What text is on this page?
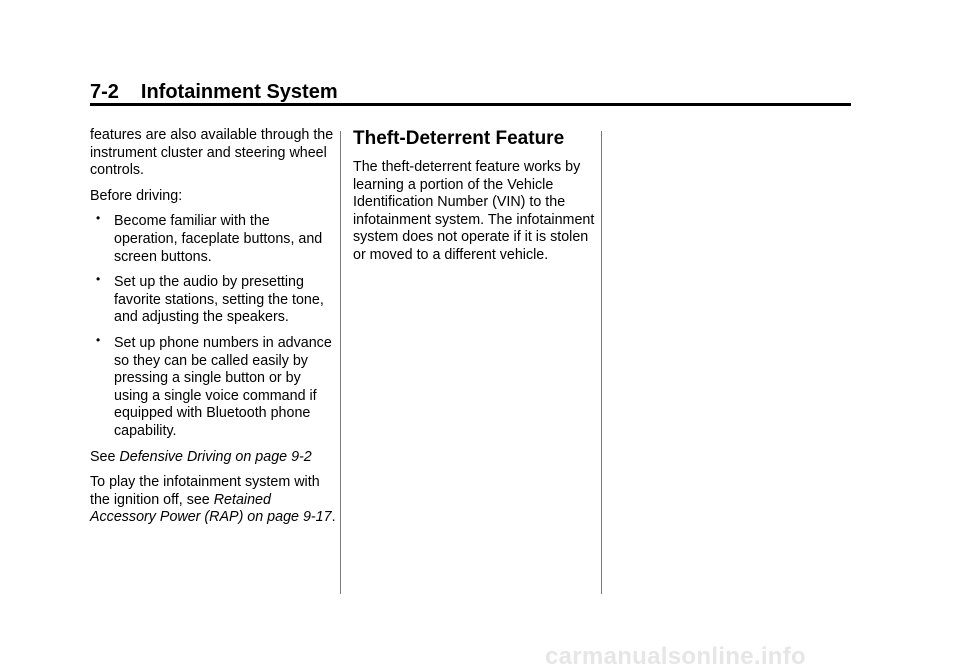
7-2 Infotainment System

features are also available through the instrument cluster and steering wheel controls.

Before driving:

• Become familiar with the operation, faceplate buttons, and screen buttons.
• Set up the audio by presetting favorite stations, setting the tone, and adjusting the speakers.
• Set up phone numbers in advance so they can be called easily by pressing a single button or by using a single voice command if equipped with Bluetooth phone capability.

See Defensive Driving on page 9-2

To play the infotainment system with the ignition off, see Retained Accessory Power (RAP) on page 9-17.

Theft-Deterrent Feature

The theft-deterrent feature works by learning a portion of the Vehicle Identification Number (VIN) to the infotainment system. The infotainment system does not operate if it is stolen or moved to a different vehicle.

carmanualsonline.info
